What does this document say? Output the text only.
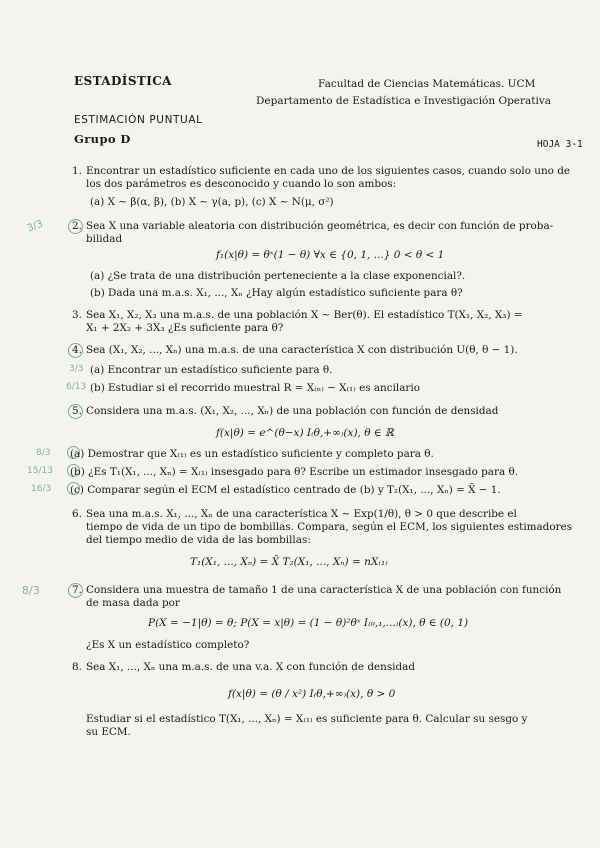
ESTADÍSTICA	Facultad de Ciencias Matemáticas. UCM
Departamento de Estadística e Investigación Operativa
ESTIMACIÓN PUNTUAL
Grupo D	HOJA 3-1
1. Encontrar un estadístico suficiente en cada uno de los siguientes casos, cuando solo uno de
los dos parámetros es desconocido y cuando lo son ambos:
(a) X ∼ β(α, β), (b) X ∼ γ(a, p), (c) X ∼ N(μ, σ²)
3/3	2. Sea X una variable aleatoria con distribución geométrica, es decir con función de proba-
bilidad
f₁(x|θ) = θˣ(1 − θ) ∀x ∈ {0, 1, ...} 0 < θ < 1
(a) ¿Se trata de una distribución perteneciente a la clase exponencial?.
(b) Dada una m.a.s. X₁, ..., Xₙ ¿Hay algún estadístico suficiente para θ?
3. Sea X₁, X₂, X₃ una m.a.s. de una población X ∼ Ber(θ). El estadístico T(X₁, X₂, X₃) =
X₁ + 2X₂ + 3X₃ ¿Es suficiente para θ?
4. Sea (X₁, X₂, ..., Xₙ) una m.a.s. de una característica X con distribución U(θ, θ − 1).
3/3 (a) Encontrar un estadístico suficiente para θ.
6/13 (b) Estudiar si el recorrido muestral R = X₍ₙ₎ − X₍₁₎ es ancilario
5. Considera una m.a.s. (X₁, X₂, ..., Xₙ) de una población con función de densidad
f(x|θ) = e^(θ−x) I₍θ,+∞₎(x), θ ∈ ℝ
8/3 (a) Demostrar que X₍₁₎ es un estadístico suficiente y completo para θ.
15/13 (b) ¿Es T₁(X₁, ..., Xₙ) = X₍₁₎ insesgado para θ? Escribe un estimador insesgado para θ.
16/3 (c) Comparar según el ECM el estadístico centrado de (b) y T₂(X₁, ..., Xₙ) = X̄ − 1.
6. Sea una m.a.s. X₁, ..., Xₙ de una característica X ∼ Exp(1/θ), θ > 0 que describe el
tiempo de vida de un tipo de bombillas. Compara, según el ECM, los siguientes estimadores
del tiempo medio de vida de las bombillas:
T₁(X₁, ..., Xₙ) = X̄ T₂(X₁, ..., Xₙ) = nX₍₁₎
8/3	7. Considera una muestra de tamaño 1 de una característica X de una población con función
de masa dada por
P(X = −1|θ) = θ; P(X = x|θ) = (1 − θ)²θˣ I₍₀,₁,...₎(x), θ ∈ (0, 1)
¿Es X un estadístico completo?
8. Sea X₁, ..., Xₙ una m.a.s. de una v.a. X con función de densidad
f(x|θ) = (θ / x²) I₍θ,+∞₎(x), θ > 0
Estudiar si el estadístico T(X₁, ..., Xₙ) = X₍₁₎ es suficiente para θ. Calcular su sesgo y
su ECM.
